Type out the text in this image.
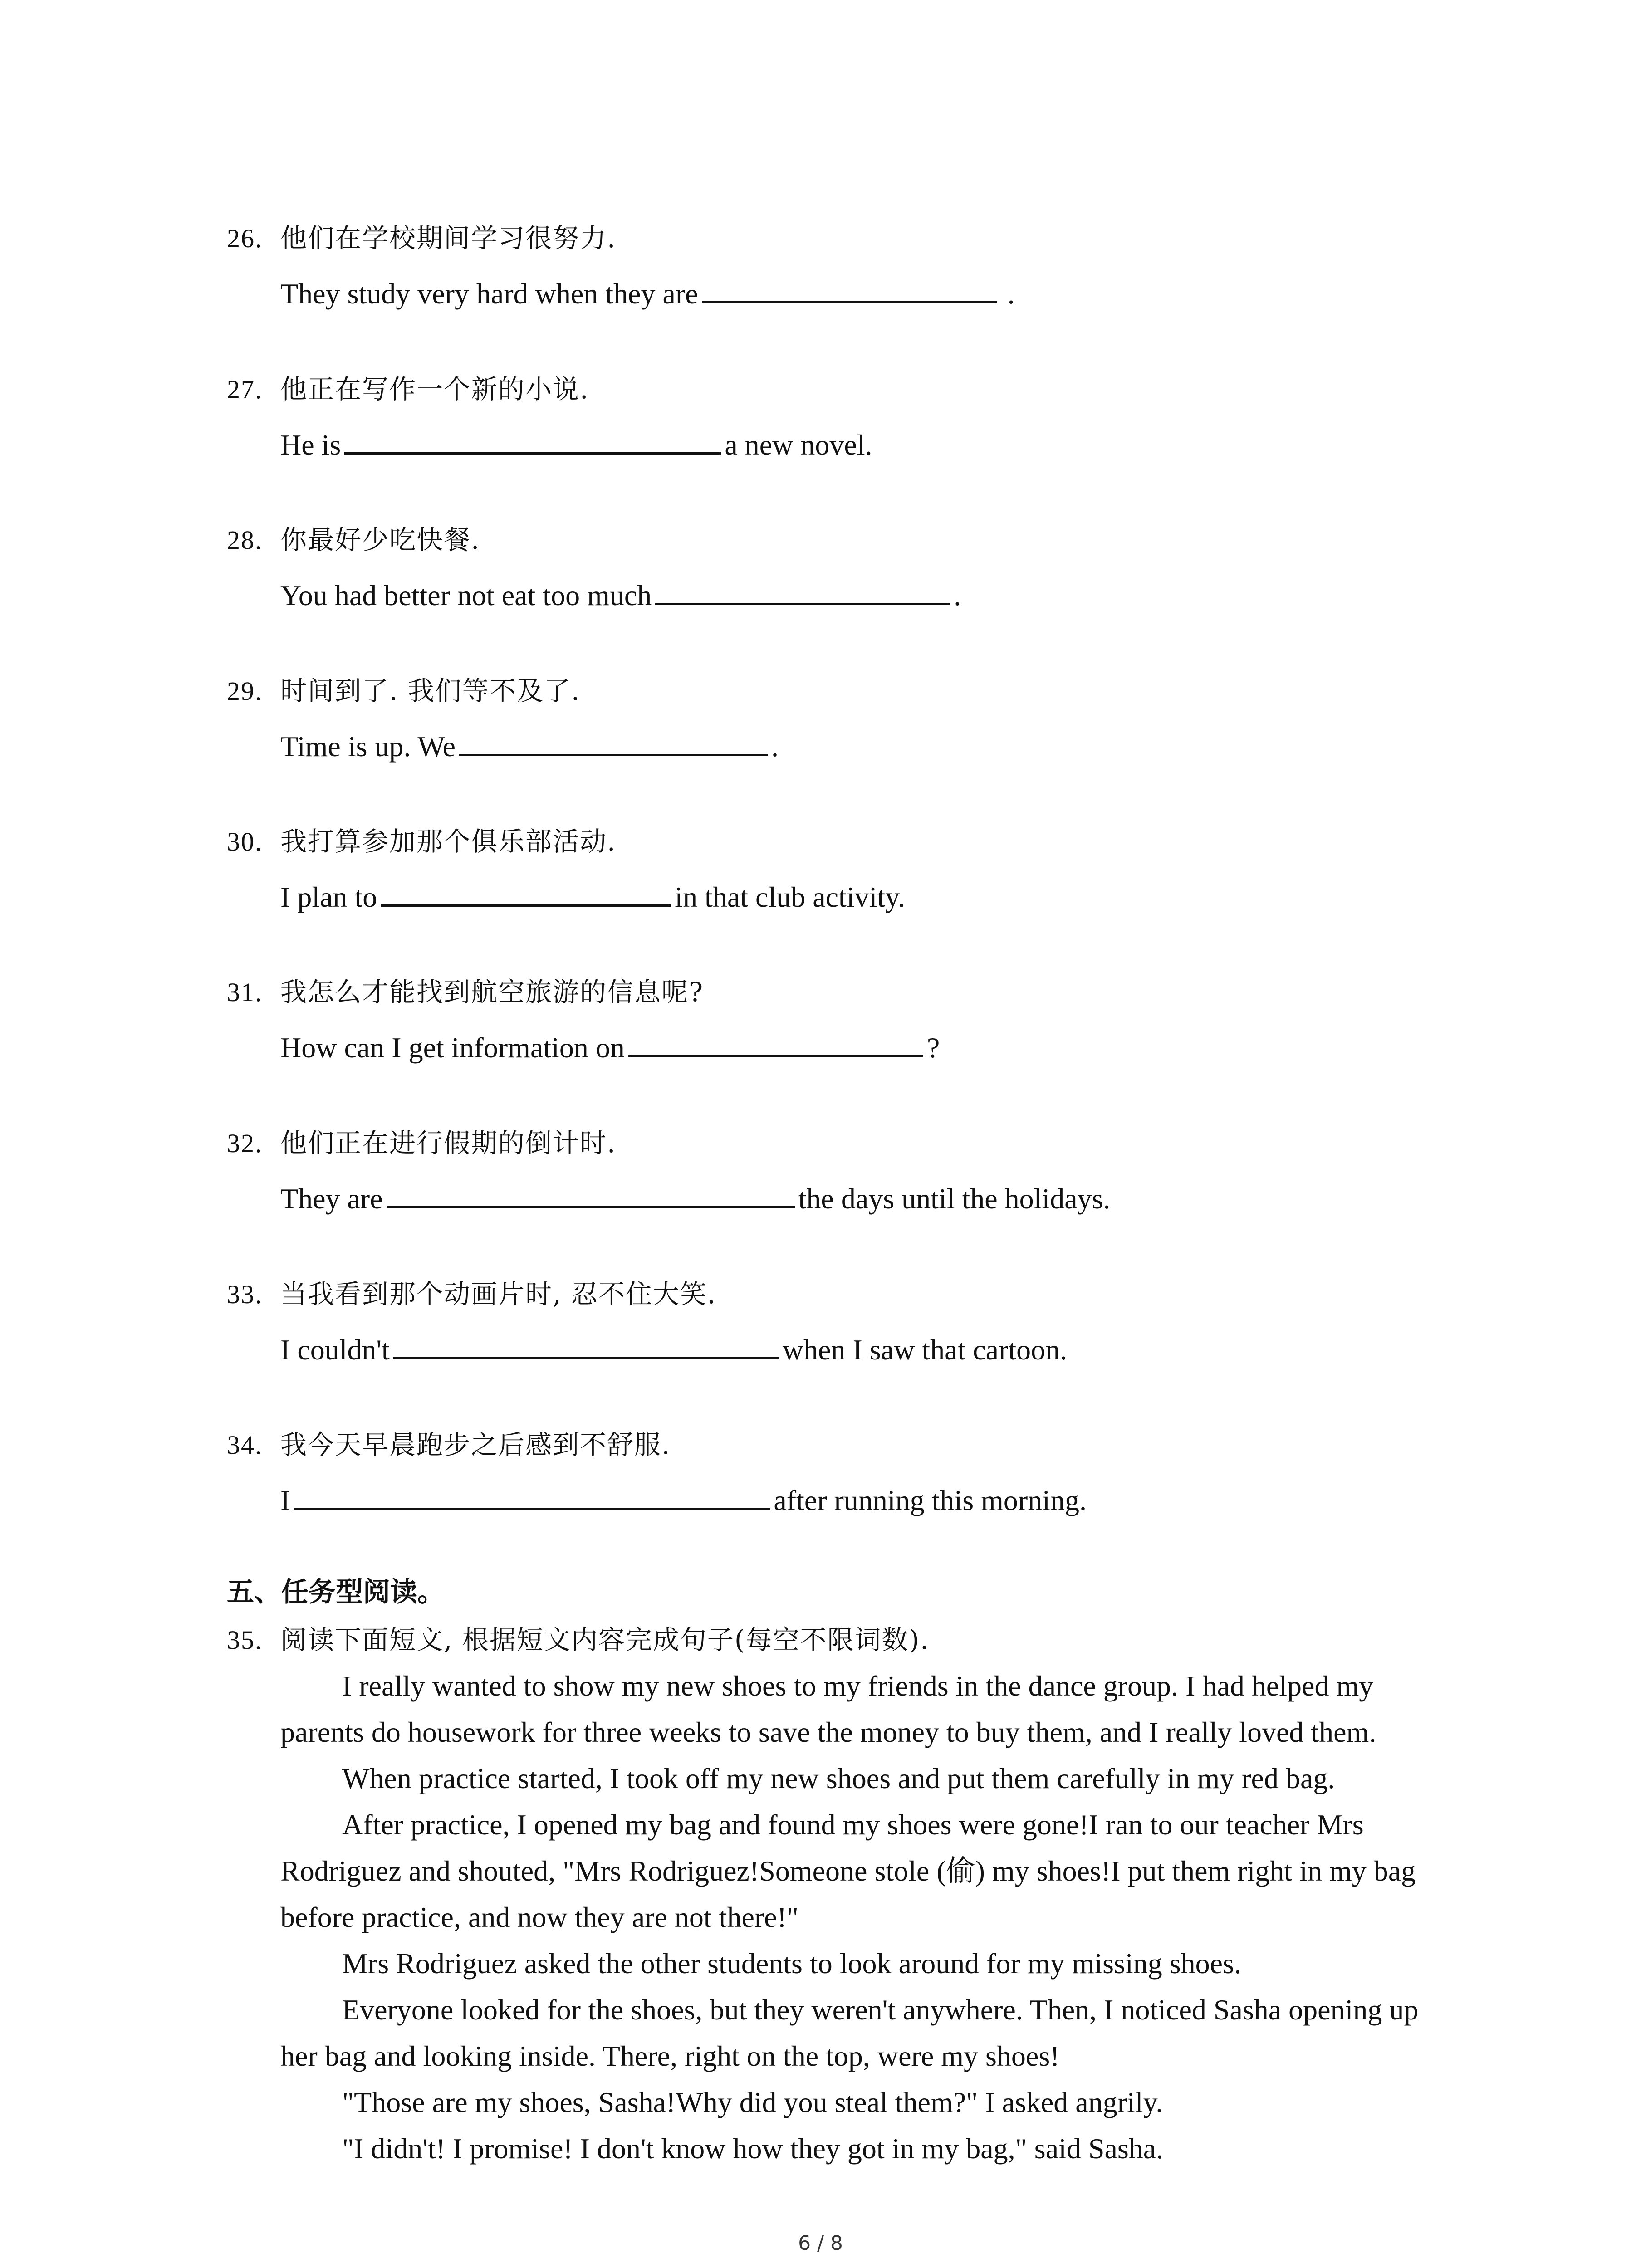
26. 他们在学校期间学习很努力.
They study very hard when they are	.
27. 他正在写作一个新的小说.
He is	a new novel.
28. 你最好少吃快餐.
You had better not eat too much	.
29. 时间到了. 我们等不及了.
Time is up. We	.
30. 我打算参加那个俱乐部活动.
I plan to	in that club activity.
31. 我怎么才能找到航空旅游的信息呢?
How can I get information on	?
32. 他们正在进行假期的倒计时.
They are	the days until the holidays.
33. 当我看到那个动画片时, 忍不住大笑.
I couldn't	when I saw that cartoon.
34. 我今天早晨跑步之后感到不舒服.
I	after running this morning.
五、任务型阅读。
35. 阅读下面短文, 根据短文内容完成句子(每空不限词数).

I really wanted to show my new shoes to my friends in the dance group. I had helped my parents do housework for three weeks to save the money to buy them, and I really loved them.

When practice started, I took off my new shoes and put them carefully in my red bag.

After practice, I opened my bag and found my shoes were gone!I ran to our teacher Mrs Rodriguez and shouted, "Mrs Rodriguez!Someone stole (偷) my shoes!I put them right in my bag before practice, and now they are not there!"

Mrs Rodriguez asked the other students to look around for my missing shoes.

Everyone looked for the shoes, but they weren't anywhere. Then, I noticed Sasha opening up her bag and looking inside. There, right on the top, were my shoes!

"Those are my shoes, Sasha!Why did you steal them?" I asked angrily.

"I didn't! I promise! I don't know how they got in my bag," said Sasha.

6 / 8
